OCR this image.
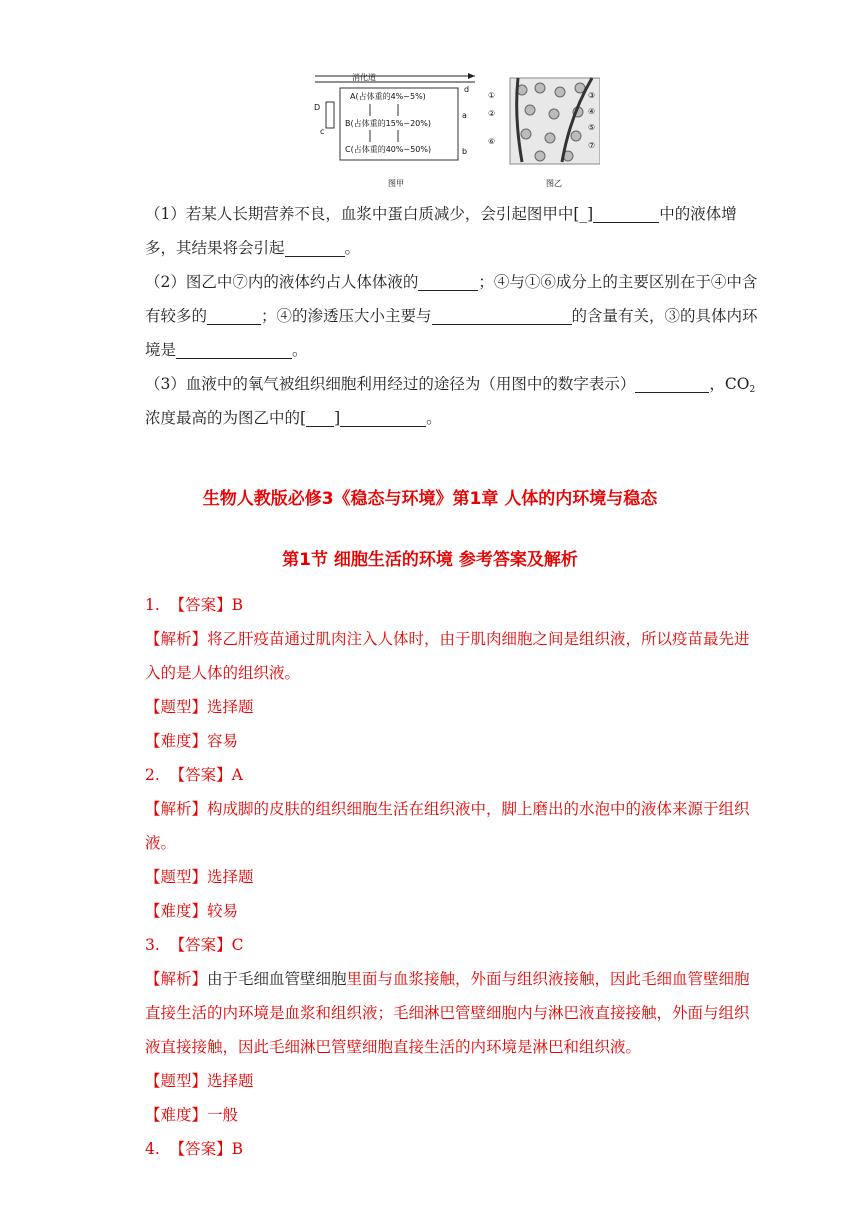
消化道
A(占体重的4%~5%)
B(占体重的15%~20%)
C(占体重的40%~50%)
D
c
d
a
b
图甲
①
②
⑥
③
④
⑤
⑦
图乙
（1）若某人长期营养不良，血浆中蛋白质减少，会引起图甲中[_]	中的液体增
多，其结果将会引起	。
（2）图乙中⑦内的液体约占人体体液的	；④与①⑥成分上的主要区别在于④中含
有较多的	；④的渗透压大小主要与	的含量有关，③的具体内环
境是	。
（3）血液中的氧气被组织细胞利用经过的途径为（用图中的数字表示）	，$CO_2$
浓度最高的为图乙中的[ ]	。
生物人教版必修3《稳态与环境》第1章 人体的内环境与稳态
第1节 细胞生活的环境 参考答案及解析
1. 【答案】B
【解析】将乙肝疫苗通过肌肉注入人体时，由于肌肉细胞之间是组织液，所以疫苗最先进
入的是人体的组织液。
【题型】选择题
【难度】容易
2. 【答案】A
【解析】构成脚的皮肤的组织细胞生活在组织液中，脚上磨出的水泡中的液体来源于组织
液。
【题型】选择题
【难度】较易
3. 【答案】C
【解析】由于毛细血管壁细胞里面与血浆接触，外面与组织液接触，因此毛细血管壁细胞
直接生活的内环境是血浆和组织液；毛细淋巴管壁细胞内与淋巴液直接接触，外面与组织
液直接接触，因此毛细淋巴管壁细胞直接生活的内环境是淋巴和组织液。
【题型】选择题
【难度】一般
4. 【答案】B
